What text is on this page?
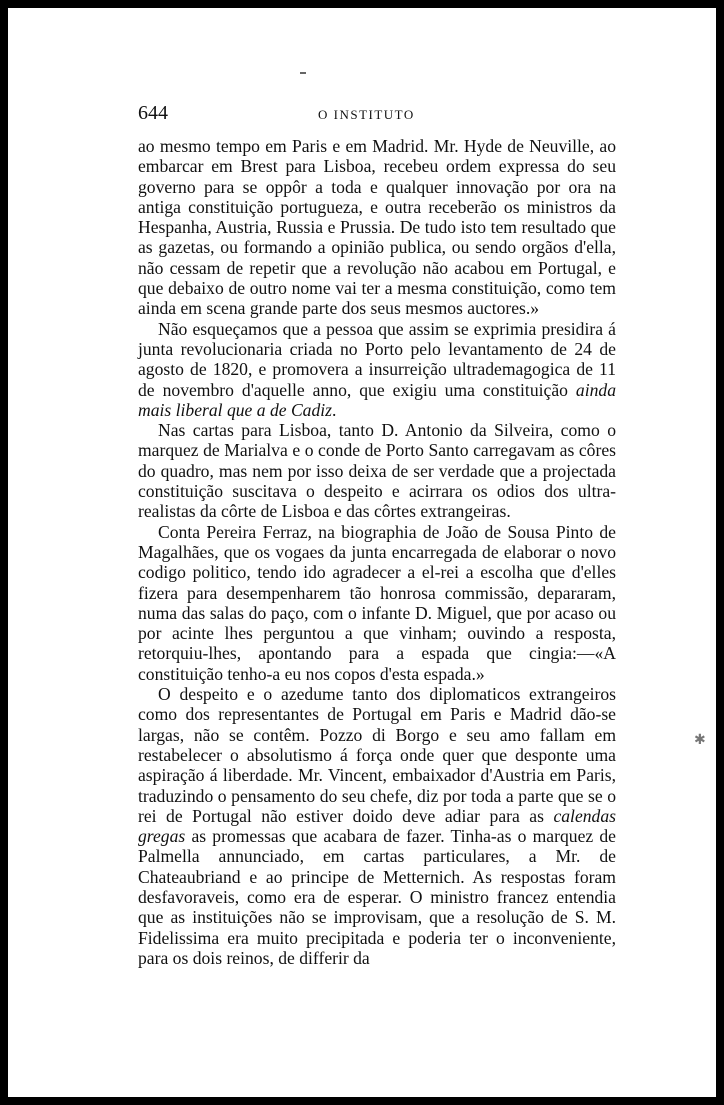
644	O INSTITUTO

ao mesmo tempo em Paris e em Madrid. Mr. Hyde de Neuville, ao embarcar em Brest para Lisboa, recebeu ordem expressa do seu governo para se oppôr a toda e qualquer innovação por ora na antiga constituição portugueza, e outra receberão os ministros da Hespanha, Austria, Russia e Prussia. De tudo isto tem resultado que as gazetas, ou formando a opinião publica, ou sendo orgãos d'ella, não cessam de repetir que a revolução não acabou em Portugal, e que debaixo de outro nome vai ter a mesma constituição, como tem ainda em scena grande parte dos seus mesmos auctores.»

Não esqueçamos que a pessoa que assim se exprimia presidira á junta revolucionaria criada no Porto pelo levantamento de 24 de agosto de 1820, e promovera a insurreição ultrademagogica de 11 de novembro d'aquelle anno, que exigiu uma constituição ainda mais liberal que a de Cadiz.

Nas cartas para Lisboa, tanto D. Antonio da Silveira, como o marquez de Marialva e o conde de Porto Santo carregavam as côres do quadro, mas nem por isso deixa de ser verdade que a projectada constituição suscitava o despeito e acirrara os odios dos ultra-realistas da côrte de Lisboa e das côrtes extrangeiras.

Conta Pereira Ferraz, na biographia de João de Sousa Pinto de Magalhães, que os vogaes da junta encarregada de elaborar o novo codigo politico, tendo ido agradecer a el-rei a escolha que d'elles fizera para desempenharem tão honrosa commissão, depararam, numa das salas do paço, com o infante D. Miguel, que por acaso ou por acinte lhes perguntou a que vinham; ouvindo a resposta, retorquiu-lhes, apontando para a espada que cingia:—«A constituição tenho-a eu nos copos d'esta espada.»

O despeito e o azedume tanto dos diplomaticos extrangeiros como dos representantes de Portugal em Paris e Madrid dão-se largas, não se contêm. Pozzo di Borgo e seu amo fallam em restabelecer o absolutismo á força onde quer que desponte uma aspiração á liberdade. Mr. Vincent, embaixador d'Austria em Paris, traduzindo o pensamento do seu chefe, diz por toda a parte que se o rei de Portugal não estiver doido deve adiar para as calendas gregas as promessas que acabara de fazer. Tinha-as o marquez de Palmella annunciado, em cartas particulares, a Mr. de Chateaubriand e ao principe de Metternich. As respostas foram desfavoraveis, como era de esperar. O ministro francez entendia que as instituições não se improvisam, que a resolução de S. M. Fidelissima era muito precipitada e poderia ter o inconveniente, para os dois reinos, de differir da

✱
